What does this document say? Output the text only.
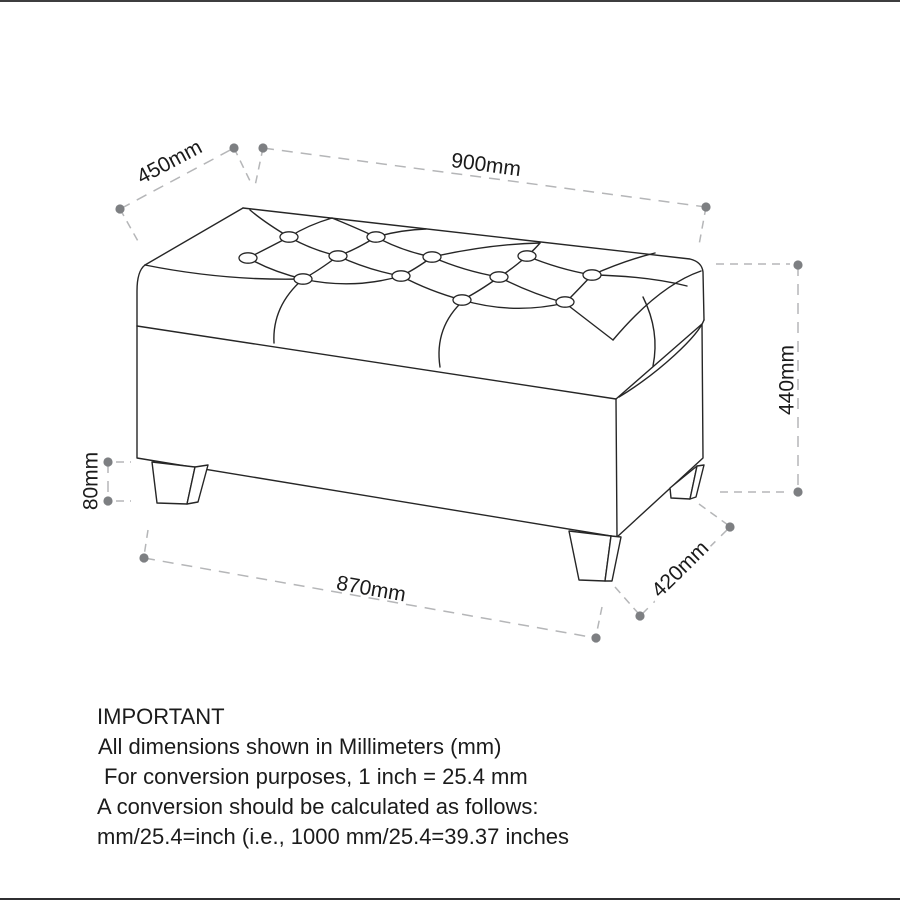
450mm	900mm
440mm
80mm
870mm	420mm
IMPORTANT
All dimensions shown in Millimeters (mm)
For conversion purposes, 1 inch = 25.4 mm
A conversion should be calculated as follows:
mm/25.4=inch (i.e., 1000 mm/25.4=39.37 inches
